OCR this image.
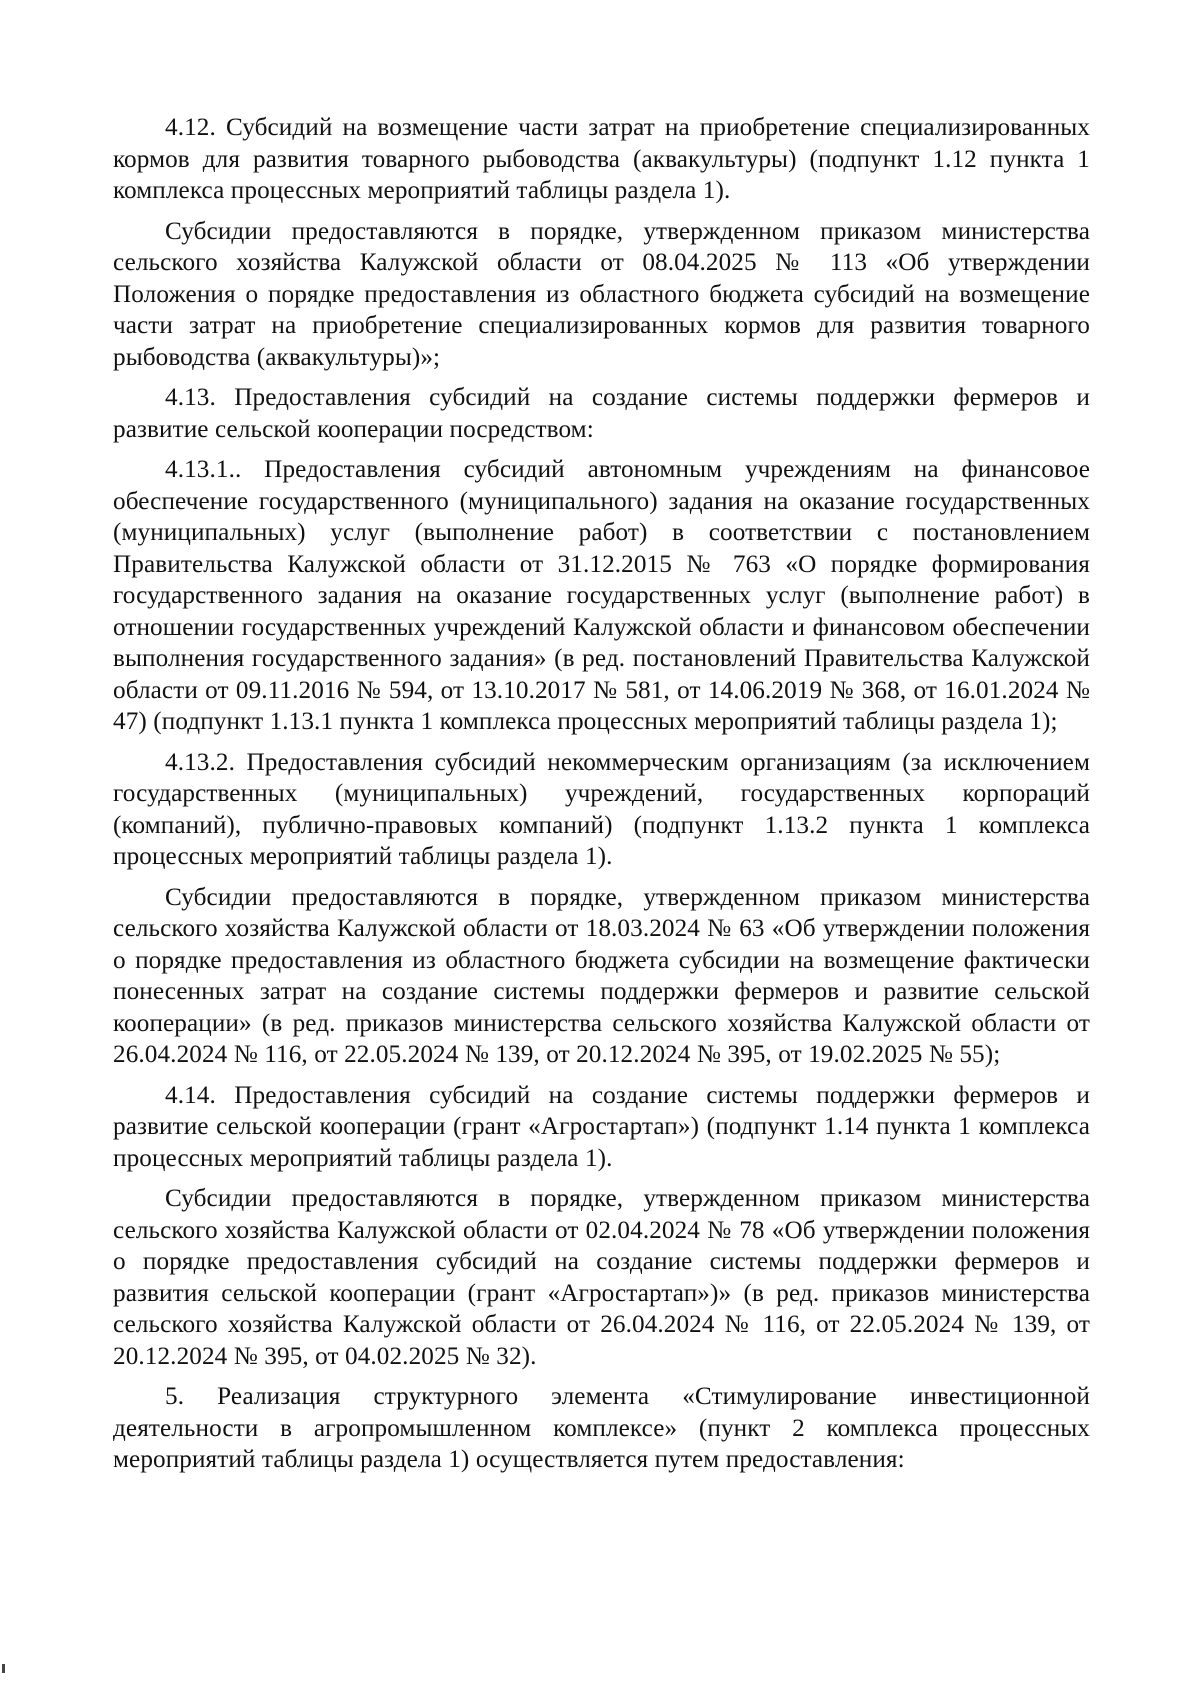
4.12. Субсидий на возмещение части затрат на приобретение специализированных кормов для развития товарного рыбоводства (аквакультуры) (подпункт 1.12 пункта 1 комплекса процессных мероприятий таблицы раздела 1).

Субсидии предоставляются в порядке, утвержденном приказом министерства сельского хозяйства Калужской области от 08.04.2025 № 113 «Об утверждении Положения о порядке предоставления из областного бюджета субсидий на возмещение части затрат на приобретение специализированных кормов для развития товарного рыбоводства (аквакультуры)»;

4.13. Предоставления субсидий на создание системы поддержки фермеров и развитие сельской кооперации посредством:

4.13.1.. Предоставления субсидий автономным учреждениям на финансовое обеспечение государственного (муниципального) задания на оказание государственных (муниципальных) услуг (выполнение работ) в соответствии с постановлением Правительства Калужской области от 31.12.2015 № 763 «О порядке формирования государственного задания на оказание государственных услуг (выполнение работ) в отношении государственных учреждений Калужской области и финансовом обеспечении выполнения государственного задания» (в ред. постановлений Правительства Калужской области от 09.11.2016 № 594, от 13.10.2017 № 581, от 14.06.2019 № 368, от 16.01.2024 № 47) (подпункт 1.13.1 пункта 1 комплекса процессных мероприятий таблицы раздела 1);

4.13.2. Предоставления субсидий некоммерческим организациям (за исключением государственных (муниципальных) учреждений, государственных корпораций (компаний), публично-правовых компаний) (подпункт 1.13.2 пункта 1 комплекса процессных мероприятий таблицы раздела 1).

Субсидии предоставляются в порядке, утвержденном приказом министерства сельского хозяйства Калужской области от 18.03.2024 № 63 «Об утверждении положения о порядке предоставления из областного бюджета субсидии на возмещение фактически понесенных затрат на создание системы поддержки фермеров и развитие сельской кооперации» (в ред. приказов министерства сельского хозяйства Калужской области от 26.04.2024 № 116, от 22.05.2024 № 139, от 20.12.2024 № 395, от 19.02.2025 № 55);

4.14. Предоставления субсидий на создание системы поддержки фермеров и развитие сельской кооперации (грант «Агростартап») (подпункт 1.14 пункта 1 комплекса процессных мероприятий таблицы раздела 1).

Субсидии предоставляются в порядке, утвержденном приказом министерства сельского хозяйства Калужской области от 02.04.2024 № 78 «Об утверждении положения о порядке предоставления субсидий на создание системы поддержки фермеров и развития сельской кооперации (грант «Агростартап»)» (в ред. приказов министерства сельского хозяйства Калужской области от 26.04.2024 № 116, от 22.05.2024 № 139, от 20.12.2024 № 395, от 04.02.2025 № 32).

5. Реализация структурного элемента «Стимулирование инвестиционной деятельности в агропромышленном комплексе» (пункт 2 комплекса процессных мероприятий таблицы раздела 1) осуществляется путем предоставления:
